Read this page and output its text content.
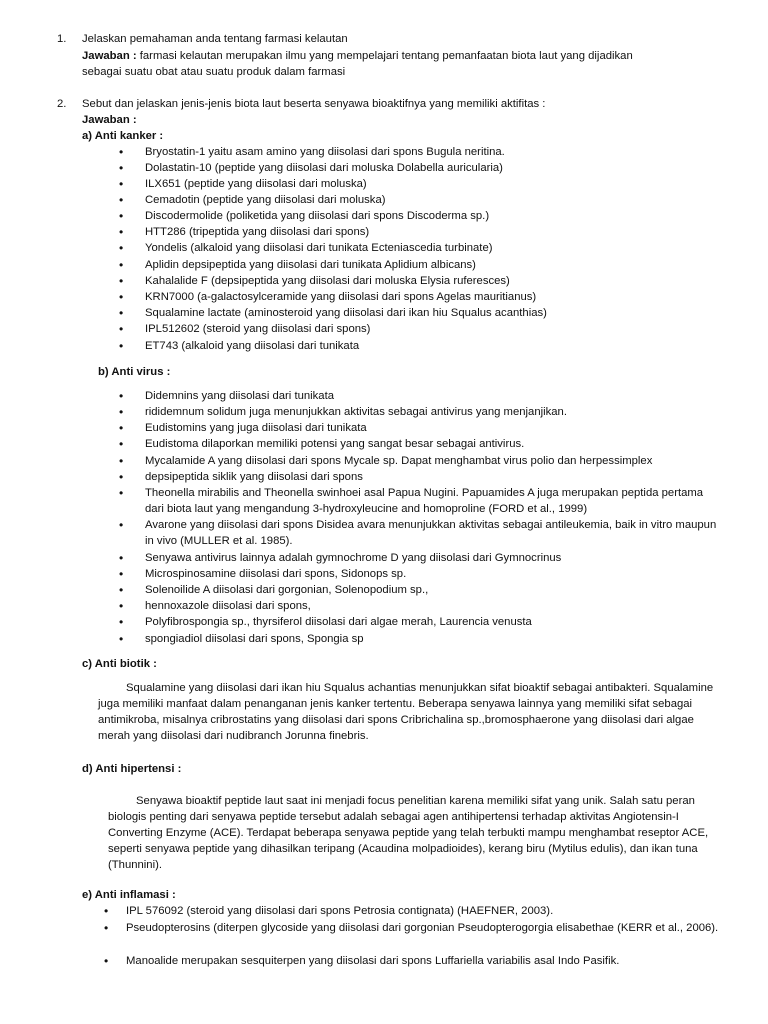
1. Jelaskan pemahaman anda tentang farmasi kelautan
Jawaban : farmasi kelautan merupakan ilmu yang mempelajari tentang pemanfaatan biota laut yang dijadikan
sebagai suatu obat atau suatu produk dalam farmasi
2. Sebut dan jelaskan jenis-jenis biota laut beserta senyawa bioaktifnya yang memiliki aktifitas :
Jawaban :
a) Anti kanker :
• Bryostatin-1 yaitu asam amino yang diisolasi dari spons Bugula neritina.
• Dolastatin-10 (peptide yang diisolasi dari moluska Dolabella auricularia)
• ILX651 (peptide yang diisolasi dari moluska)
• Cemadotin (peptide yang diisolasi dari moluska)
• Discodermolide (poliketida yang diisolasi dari spons Discoderma sp.)
• HTT286 (tripeptida yang diisolasi dari spons)
• Yondelis (alkaloid yang diisolasi dari tunikata Ecteniascedia turbinate)
• Aplidin depsipeptida yang diisolasi dari tunikata Aplidium albicans)
• Kahalalide F (depsipeptida yang diisolasi dari moluska Elysia ruferesces)
• KRN7000 (a-galactosylceramide yang diisolasi dari spons Agelas mauritianus)
• Squalamine lactate (aminosteroid yang diisolasi dari ikan hiu Squalus acanthias)
• IPL512602 (steroid yang diisolasi dari spons)
• ET743 (alkaloid yang diisolasi dari tunikata
b) Anti virus :
• Didemnins yang diisolasi dari tunikata
• rididemnum solidum juga menunjukkan aktivitas sebagai antivirus yang menjanjikan.
• Eudistomins yang juga diisolasi dari tunikata
• Eudistoma dilaporkan memiliki potensi yang sangat besar sebagai antivirus.
• Mycalamide A yang diisolasi dari spons Mycale sp. Dapat menghambat virus polio dan herpessimplex
• depsipeptida siklik yang diisolasi dari spons
• Theonella mirabilis and Theonella swinhoei asal Papua Nugini. Papuamides A juga merupakan peptida pertama dari biota laut yang mengandung 3-hydroxyleucine and homoproline (FORD et al., 1999)
• Avarone yang diisolasi dari spons Disidea avara menunjukkan aktivitas sebagai antileukemia, baik in vitro maupun in vivo (MULLER et al. 1985).
• Senyawa antivirus lainnya adalah gymnochrome D yang diisolasi dari Gymnocrinus
• Microspinosamine diisolasi dari spons, Sidonops sp.
• Solenoilide A diisolasi dari gorgonian, Solenopodium sp.,
• hennoxazole diisolasi dari spons,
• Polyfibrospongia sp., thyrsiferol diisolasi dari algae merah, Laurencia venusta
• spongiadiol diisolasi dari spons, Spongia sp
c) Anti biotik :
Squalamine yang diisolasi dari ikan hiu Squalus achantias menunjukkan sifat bioaktif sebagai antibakteri. Squalamine juga memiliki manfaat dalam penanganan jenis kanker tertentu. Beberapa senyawa lainnya yang memiliki sifat sebagai antimikroba, misalnya cribrostatins yang diisolasi dari spons Cribrichalina sp.,bromosphaerone yang diisolasi dari algae merah yang diisolasi dari nudibranch Jorunna finebris.
d) Anti hipertensi :
Senyawa bioaktif peptide laut saat ini menjadi focus penelitian karena memiliki sifat yang unik. Salah satu peran biologis penting dari senyawa peptide tersebut adalah sebagai agen antihipertensi terhadap aktivitas Angiotensin-I Converting Enzyme (ACE). Terdapat beberapa senyawa peptide yang telah terbukti mampu menghambat reseptor ACE, seperti senyawa peptide yang dihasilkan teripang (Acaudina molpadioides), kerang biru (Mytilus edulis), dan ikan tuna (Thunnini).
e) Anti inflamasi :
• IPL 576092 (steroid yang diisolasi dari spons Petrosia contignata) (HAEFNER, 2003).
• Pseudopterosins (diterpen glycoside yang diisolasi dari gorgonian Pseudopterogorgia elisabethae (KERR et al., 2006).
• Manoalide merupakan sesquiterpen yang diisolasi dari spons Luffariella variabilis asal Indo Pasifik.
